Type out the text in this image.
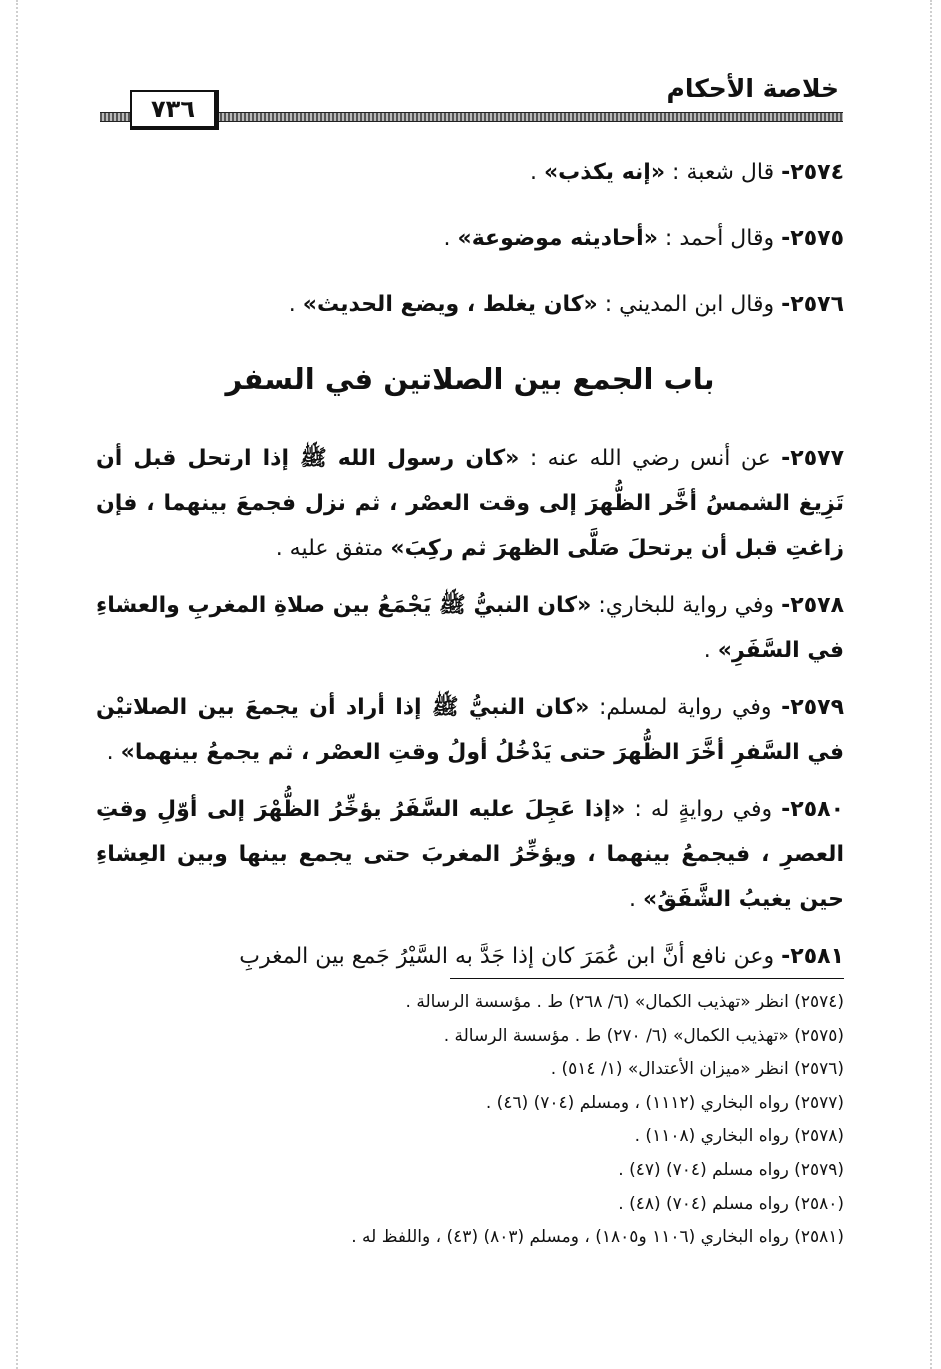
خلاصة الأحكام
٧٣٦
٢٥٧٤- قال شعبة : «إنه يكذب» .
٢٥٧٥- وقال أحمد : «أحاديثه موضوعة» .
٢٥٧٦- وقال ابن المديني : «كان يغلط ، ويضع الحديث» .
باب الجمع بين الصلاتين في السفر
٢٥٧٧- عن أنس رضي الله عنه : «كان رسول الله ﷺ إذا ارتحل قبل أن تَزِيغ الشمسُ أخَّر الظُّهرَ إلى وقت العصْر ، ثم نزل فجمعَ بينهما ، فإن زاغتِ قبل أن يرتحلَ صَلَّى الظهرَ ثم ركِبَ» متفق عليه .
٢٥٧٨- وفي رواية للبخاري: «كان النبيُّ ﷺ يَجْمَعُ بين صلاةِ المغربِ والعشاءِ في السَّفَرِ» .
٢٥٧٩- وفي رواية لمسلم: «كان النبيُّ ﷺ إذا أراد أن يجمعَ بين الصلاتيْن في السَّفرِ أخَّرَ الظُّهرَ حتى يَدْخُلُ أولُ وقتِ العصْر ، ثم يجمعُ بينهما» .
٢٥٨٠- وفي روايةٍ له : «إذا عَجِلَ عليه السَّفَرُ يؤخِّرُ الظُّهْرَ إلى أوّلِ وقتِ العصرِ ، فيجمعُ بينهما ، ويؤخِّرُ المغربَ حتى يجمع بينها وبين العِشاءِ حين يغيبُ الشَّفَقُ» .
٢٥٨١- وعن نافع أنَّ ابن عُمَرَ كان إذا جَدَّ به السَّيْرُ جَمع بين المغربِ
(٢٥٧٤) انظر «تهذيب الكمال» (٦/ ٢٦٨) ط . مؤسسة الرسالة .
(٢٥٧٥) «تهذيب الكمال» (٦/ ٢٧٠) ط . مؤسسة الرسالة .
(٢٥٧٦) انظر «ميزان الأعتدال» (١/ ٥١٤) .
(٢٥٧٧) رواه البخاري (١١١٢) ، ومسلم (٧٠٤) (٤٦) .
(٢٥٧٨) رواه البخاري (١١٠٨) .
(٢٥٧٩) رواه مسلم (٧٠٤) (٤٧) .
(٢٥٨٠) رواه مسلم (٧٠٤) (٤٨) .
(٢٥٨١) رواه البخاري (١١٠٦ و١٨٠٥) ، ومسلم (٨٠٣) (٤٣) ، واللفظ له .
